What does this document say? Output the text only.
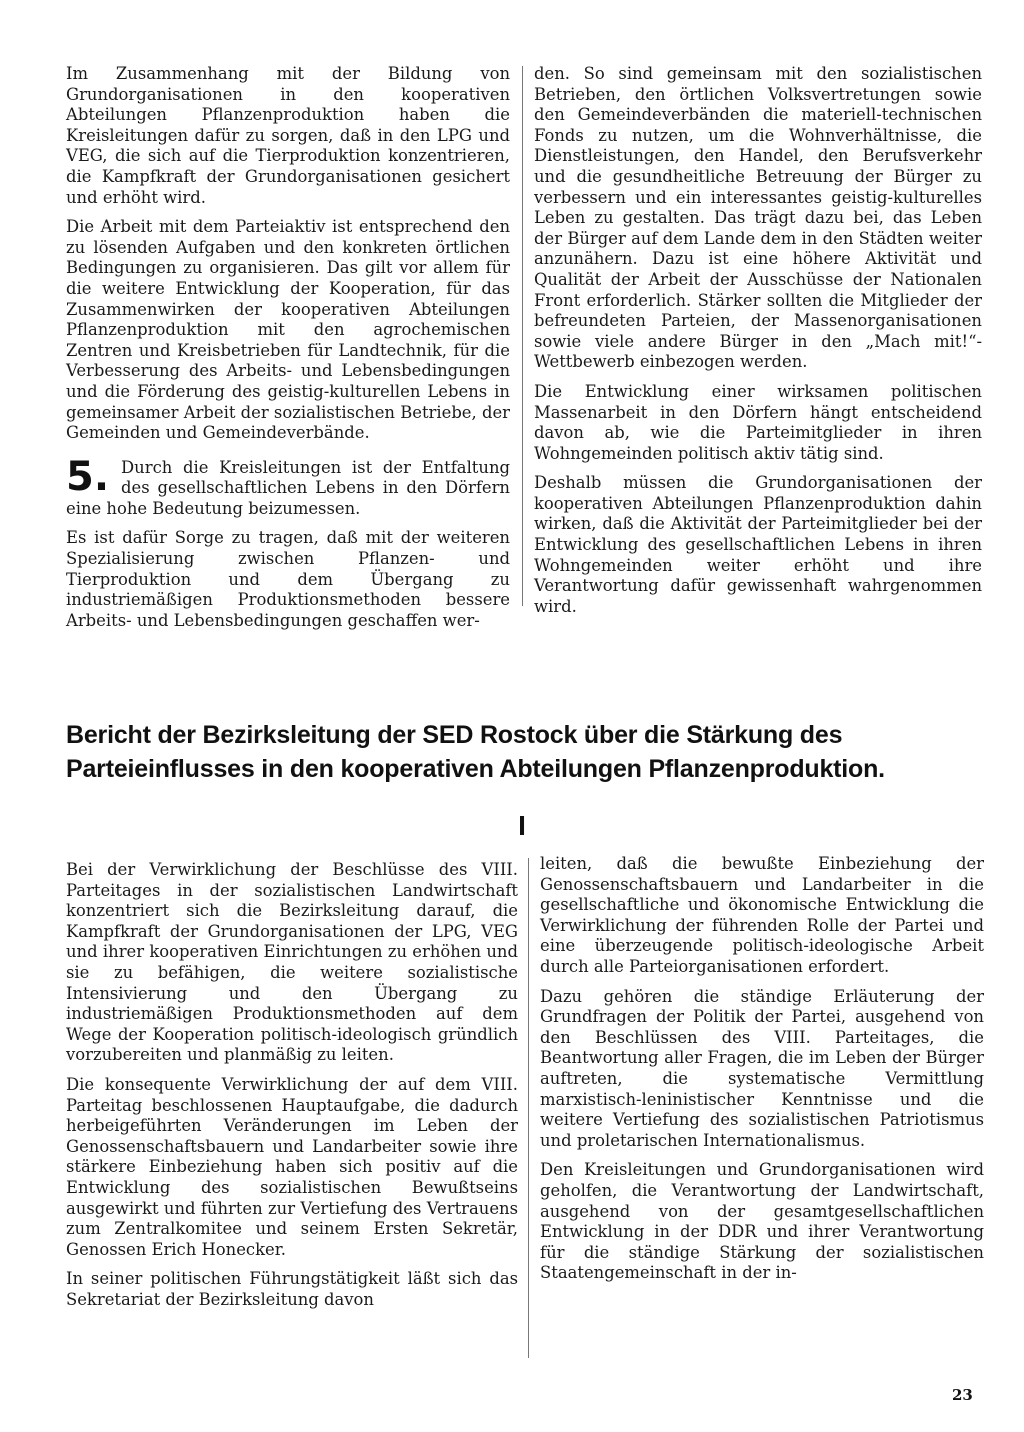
Im Zusammenhang mit der Bildung von Grundorganisationen in den kooperativen Abteilungen Pflanzenproduktion haben die Kreisleitungen dafür zu sorgen, daß in den LPG und VEG, die sich auf die Tierproduktion konzentrieren, die Kampfkraft der Grundorganisationen gesichert und erhöht wird.

Die Arbeit mit dem Parteiaktiv ist entsprechend den zu lösenden Aufgaben und den konkreten örtlichen Bedingungen zu organisieren. Das gilt vor allem für die weitere Entwicklung der Kooperation, für das Zusammenwirken der kooperativen Abteilungen Pflanzenproduktion mit den agrochemischen Zentren und Kreisbetrieben für Landtechnik, für die Verbesserung des Arbeits- und Lebensbedingungen und die Förderung des geistig-kulturellen Lebens in gemeinsamer Arbeit der sozialistischen Betriebe, der Gemeinden und Gemeindeverbände.

5. Durch die Kreisleitungen ist der Entfaltung des gesellschaftlichen Lebens in den Dörfern eine hohe Bedeutung beizumessen.

Es ist dafür Sorge zu tragen, daß mit der weiteren Spezialisierung zwischen Pflanzen- und Tierproduktion und dem Übergang zu industriemäßigen Produktionsmethoden bessere Arbeits- und Lebensbedingungen geschaffen wer-

den. So sind gemeinsam mit den sozialistischen Betrieben, den örtlichen Volksvertretungen sowie den Gemeindeverbänden die materiell-technischen Fonds zu nutzen, um die Wohnverhältnisse, die Dienstleistungen, den Handel, den Berufsverkehr und die gesundheitliche Betreuung der Bürger zu verbessern und ein interessantes geistig-kulturelles Leben zu gestalten. Das trägt dazu bei, das Leben der Bürger auf dem Lande dem in den Städten weiter anzunähern. Dazu ist eine höhere Aktivität und Qualität der Arbeit der Ausschüsse der Nationalen Front erforderlich. Stärker sollten die Mitglieder der befreundeten Parteien, der Massenorganisationen sowie viele andere Bürger in den „Mach mit!“-Wettbewerb einbezogen werden.

Die Entwicklung einer wirksamen politischen Massenarbeit in den Dörfern hängt entscheidend davon ab, wie die Parteimitglieder in ihren Wohngemeinden politisch aktiv tätig sind.

Deshalb müssen die Grundorganisationen der kooperativen Abteilungen Pflanzenproduktion dahin wirken, daß die Aktivität der Parteimitglieder bei der Entwicklung des gesellschaftlichen Lebens in ihren Wohngemeinden weiter erhöht und ihre Verantwortung dafür gewissenhaft wahrgenommen wird.

Bericht der Bezirksleitung der SED Rostock über die Stärkung des Parteieinflusses in den kooperativen Abteilungen Pflanzenproduktion.
I

Bei der Verwirklichung der Beschlüsse des VIII. Parteitages in der sozialistischen Landwirtschaft konzentriert sich die Bezirksleitung darauf, die Kampfkraft der Grundorganisationen der LPG, VEG und ihrer kooperativen Einrichtungen zu erhöhen und sie zu befähigen, die weitere sozialistische Intensivierung und den Übergang zu industriemäßigen Produktionsmethoden auf dem Wege der Kooperation politisch-ideologisch gründlich vorzubereiten und planmäßig zu leiten.

Die konsequente Verwirklichung der auf dem VIII. Parteitag beschlossenen Hauptaufgabe, die dadurch herbeigeführten Veränderungen im Leben der Genossenschaftsbauern und Landarbeiter sowie ihre stärkere Einbeziehung haben sich positiv auf die Entwicklung des sozialistischen Bewußtseins ausgewirkt und führten zur Vertiefung des Vertrauens zum Zentralkomitee und seinem Ersten Sekretär, Genossen Erich Honecker.

In seiner politischen Führungstätigkeit läßt sich das Sekretariat der Bezirksleitung davon

leiten, daß die bewußte Einbeziehung der Genossenschaftsbauern und Landarbeiter in die gesellschaftliche und ökonomische Entwicklung die Verwirklichung der führenden Rolle der Partei und eine überzeugende politisch-ideologische Arbeit durch alle Parteiorganisationen erfordert.

Dazu gehören die ständige Erläuterung der Grundfragen der Politik der Partei, ausgehend von den Beschlüssen des VIII. Parteitages, die Beantwortung aller Fragen, die im Leben der Bürger auftreten, die systematische Vermittlung marxistisch-leninistischer Kenntnisse und die weitere Vertiefung des sozialistischen Patriotismus und proletarischen Internationalismus.

Den Kreisleitungen und Grundorganisationen wird geholfen, die Verantwortung der Landwirtschaft, ausgehend von der gesamtgesellschaftlichen Entwicklung in der DDR und ihrer Verantwortung für die ständige Stärkung der sozialistischen Staatengemeinschaft in der in-

23
